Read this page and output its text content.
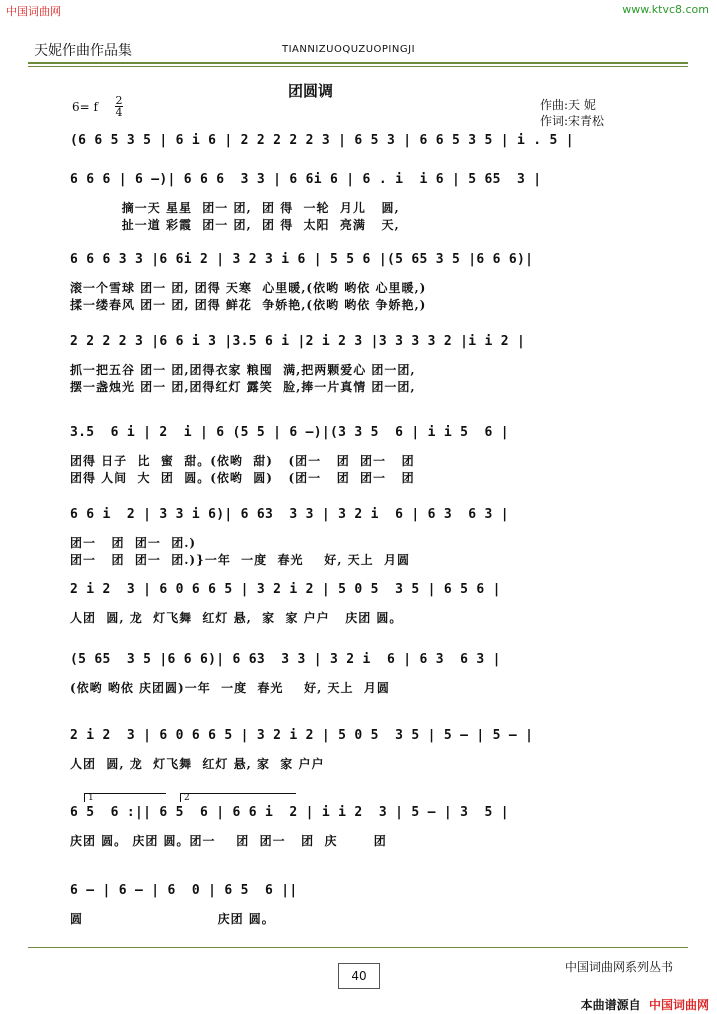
中国词曲网	www.ktvc8.com
天妮作曲作品集	TIANNIZUOQUZUOPINGJI
团圆调
6= f 2
4
作曲:天 妮
作词:宋青松
(6 6 5 3 5 | 6 i 6 | 2 2 2 2 2 3 | 6 5 3 | 6 6 5 3 5 | i . 5 |
6 6 6 | 6 —)| 6 6 6  3 3 | 6 6i 6 | 6 . i  i 6 | 5 65  3 |
摘一天 星星  团一 团,  团 得  一轮  月儿   圆,
扯一道 彩霞  团一 团,  团 得  太阳  亮满   天,
6 6 6 3 3 |6 6i 2 | 3 2 3 i 6 | 5 5 6 |(5 65 3 5 |6 6 6)|
滚一个雪球 团一 团, 团得 天寒  心里暖,(依哟 哟依 心里暖,)
揉一缕春风 团一 团, 团得 鲜花  争娇艳,(依哟 哟依 争娇艳,)
2 2 2 2 3 |6 6 i 3 |3.5 6 i |2 i 2 3 |3 3 3 3 2 |i i 2 |
抓一把五谷 团一 团,团得衣家 粮囤  满,把两颗爱心 团一团,
摆一盏烛光 团一 团,团得红灯 露笑  脸,捧一片真情 团一团,
3.5  6 i | 2  i | 6 (5 5 | 6 —)|(3 3 5  6 | i i 5  6 |
团得 日子  比  蜜  甜。(依哟  甜)   (团一   团  团一   团
团得 人间  大  团  圆。(依哟  圆)   (团一   团  团一   团
6 6 i  2 | 3 3 i 6)| 6 63  3 3 | 3 2 i  6 | 6 3  6 3 |
团一   团  团一  团.)
团一   团  团一  团.)}一年  一度  春光    好, 天上  月圆
2 i 2  3 | 6 0 6 6 5 | 3 2 i 2 | 5 0 5  3 5 | 6 5 6 |
人团  圆, 龙  灯飞舞  红灯 悬,  家  家 户户   庆团 圆。
(5 65  3 5 |6 6 6)| 6 63  3 3 | 3 2 i  6 | 6 3  6 3 |
(依哟 哟依 庆团圆)一年  一度  春光    好, 天上  月圆
2 i 2  3 | 6 0 6 6 5 | 3 2 i 2 | 5 0 5  3 5 | 5 — | 5 — |
人团  圆, 龙  灯飞舞  红灯 悬, 家  家 户户
6 5  6 :|| 6 5  6 | 6 6 i  2 | i i 2  3 | 5 — | 3  5 |
庆团 圆。 庆团 圆。团一    团  团一   团  庆       团
6 — | 6 — | 6  0 | 6 5  6 ||
圆                          庆团 圆。
1	2
中国词曲网系列丛书
40
本曲谱源自 中国词曲网
